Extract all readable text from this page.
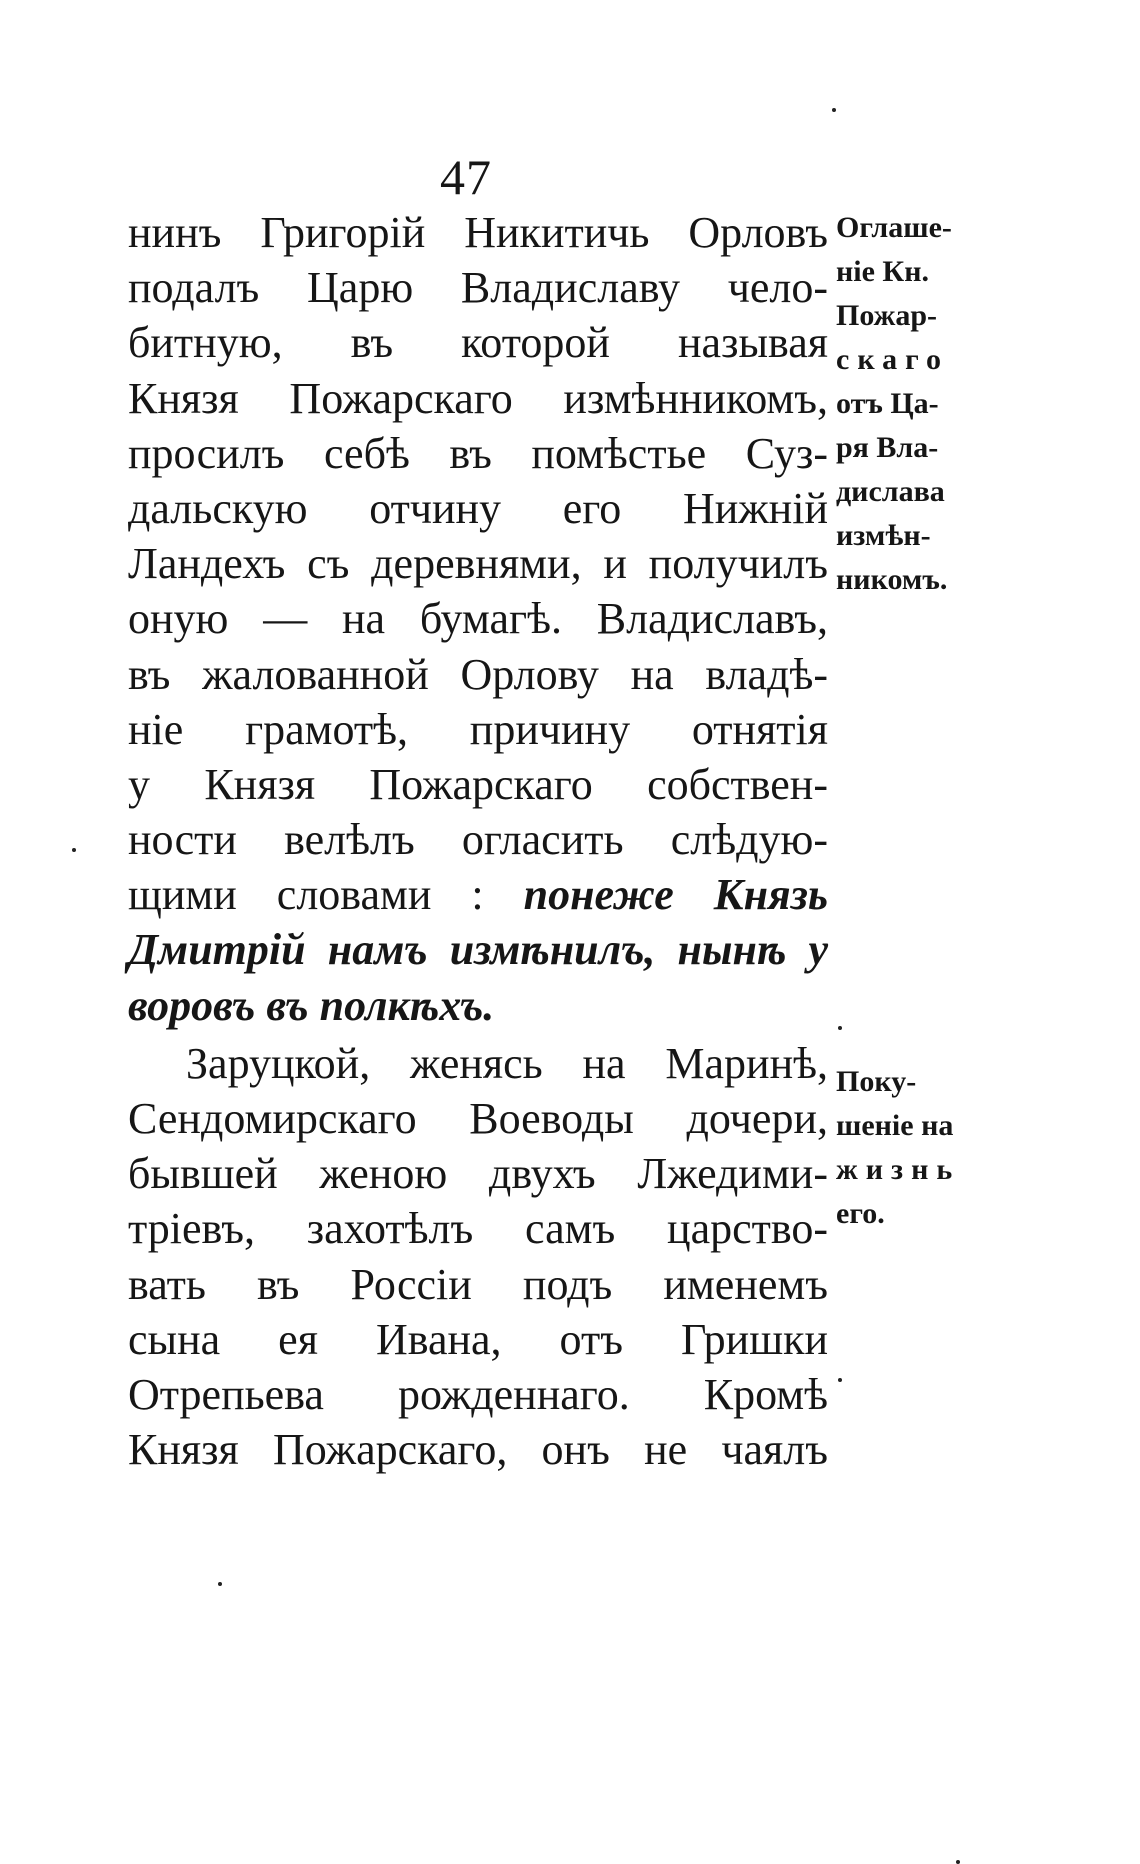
47
нинъ Григорій Никитичь Орловъ
подалъ Царю Владиславу чело-
битную, въ которой называя
Князя Пожарскаго измѣнникомъ,
просилъ себѣ въ помѣстье Суз-
дальскую отчину его Нижній
Ландехъ съ деревнями, и получилъ
оную — на бумагѣ. Владиславъ,
въ жалованной Орлову на владѣ-
ніе грамотѣ, причину отнятія
у Князя Пожарскаго собствен-
ности велѣлъ огласить слѣдую-
щими словами : понеже Князь
Дмитрій намъ измѣнилъ, нынѣ у
воровъ въ полкѣхъ.
Заруцкой, женясь на Маринѣ,
Сендомирскаго Воеводы дочери,
бывшей женою двухъ Лжедими-
тріевъ, захотѣлъ самъ царство-
вать въ Россіи подъ именемъ
сына ея Ивана, отъ Гришки
Отрепьева рожденнаго. Кромѣ
Князя Пожарскаго, онъ не чаялъ
Оглаше-
ніе Кн.
Пожар-
скаго
отъ Ца-
ря Вла-
дислава
измѣн-
никомъ.
Поку-
шеніе на
жизнь
его.
